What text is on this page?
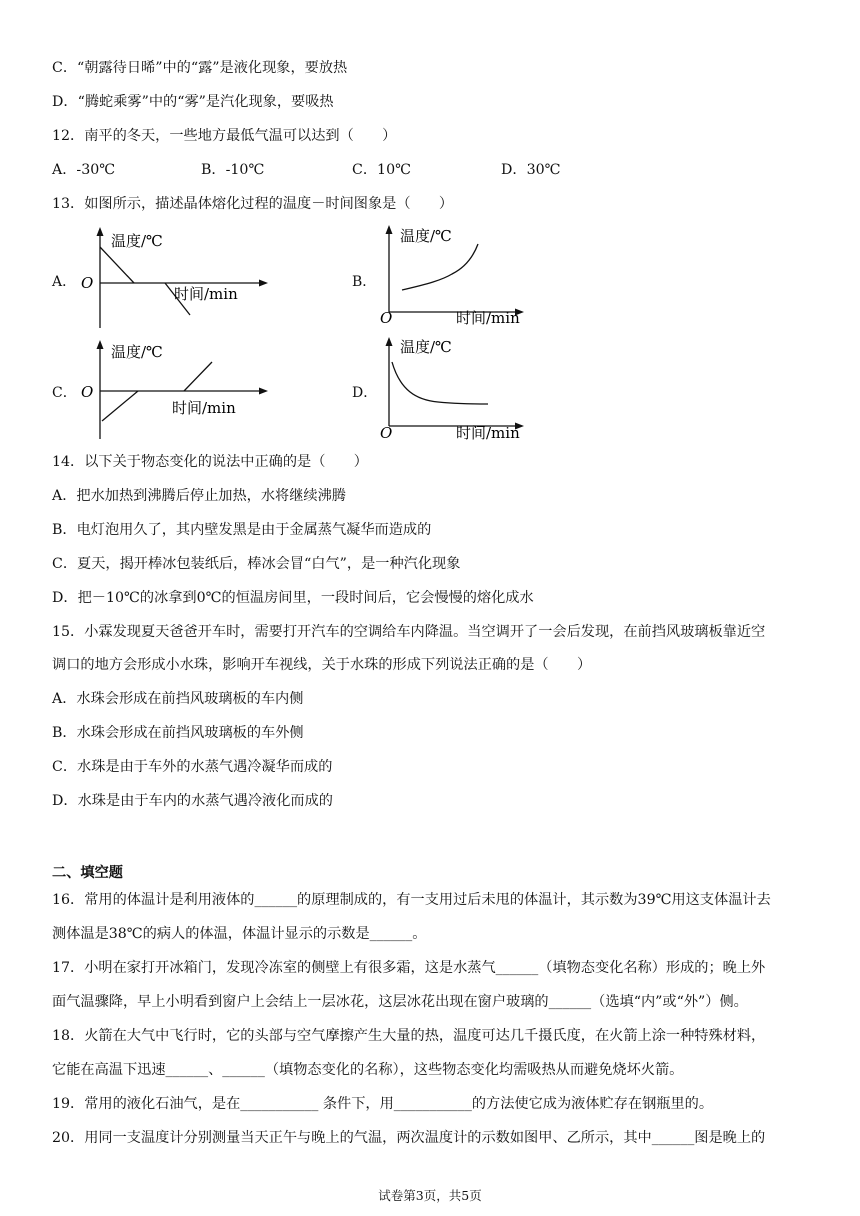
C．“朝露待日晞”中的“露”是液化现象，要放热
D．“腾蛇乘雾”中的“雾”是汽化现象，要吸热
12．南平的冬天，一些地方最低气温可以达到（　　）
A．-30℃	B．-10℃	C．10℃	D．30℃
13．如图所示，描述晶体熔化过程的温度－时间图象是（　　）
A．
温度/℃
O
时间/min
B．
温度/℃
O	时间/min
C．
温度/℃
O
时间/min
D．
温度/℃
O	时间/min
14．以下关于物态变化的说法中正确的是（　　）
A．把水加热到沸腾后停止加热，水将继续沸腾
B．电灯泡用久了，其内壁发黑是由于金属蒸气凝华而造成的
C．夏天，揭开棒冰包装纸后，棒冰会冒“白气”，是一种汽化现象
D．把－10℃的冰拿到0℃的恒温房间里，一段时间后，它会慢慢的熔化成水
15．小霖发现夏天爸爸开车时，需要打开汽车的空调给车内降温。当空调开了一会后发现，在前挡风玻璃板靠近空
调口的地方会形成小水珠，影响开车视线，关于水珠的形成下列说法正确的是（　　）
A．水珠会形成在前挡风玻璃板的车内侧
B．水珠会形成在前挡风玻璃板的车外侧
C．水珠是由于车外的水蒸气遇冷凝华而成的
D．水珠是由于车内的水蒸气遇冷液化而成的
二、填空题
16．常用的体温计是利用液体的______的原理制成的，有一支用过后未甩的体温计，其示数为39℃用这支体温计去
测体温是38℃的病人的体温，体温计显示的示数是______。
17．小明在家打开冰箱门，发现冷冻室的侧壁上有很多霜，这是水蒸气______（填物态变化名称）形成的；晚上外
面气温骤降，早上小明看到窗户上会结上一层冰花，这层冰花出现在窗户玻璃的______（选填“内”或“外”）侧。
18．火箭在大气中飞行时，它的头部与空气摩擦产生大量的热，温度可达几千摄氏度，在火箭上涂一种特殊材料，
它能在高温下迅速______、______（填物态变化的名称），这些物态变化均需吸热从而避免烧坏火箭。
19．常用的液化石油气，是在___________ 条件下，用___________的方法使它成为液体贮存在钢瓶里的。
20．用同一支温度计分别测量当天正午与晚上的气温，两次温度计的示数如图甲、乙所示，其中______图是晚上的
试卷第3页，共5页
